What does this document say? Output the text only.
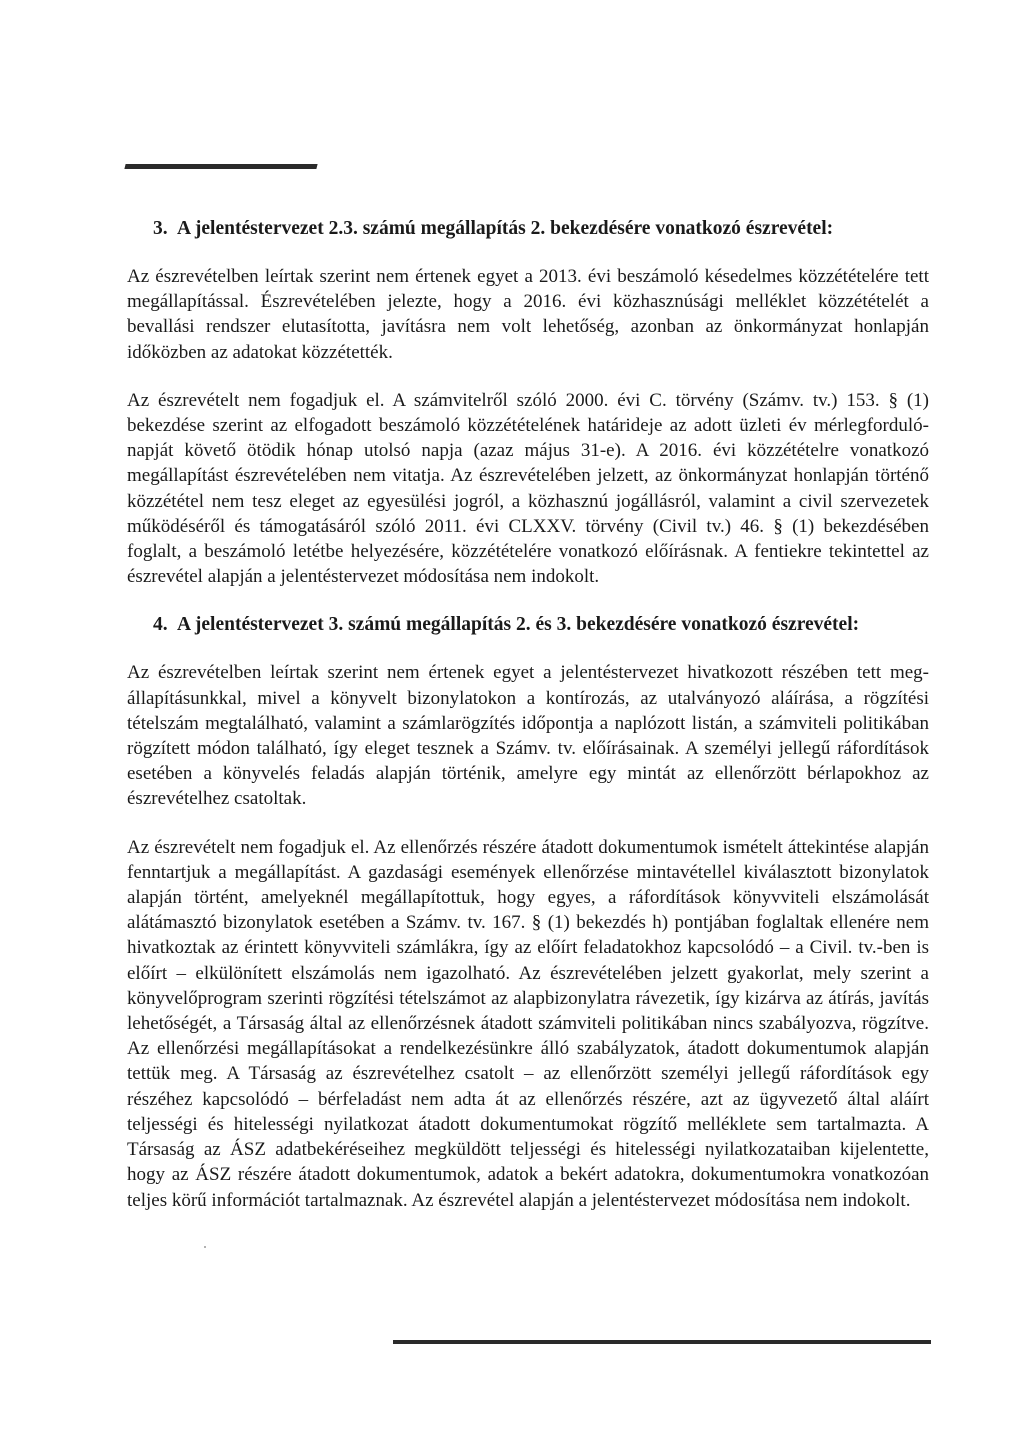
3. A jelentéstervezet 2.3. számú megállapítás 2. bekezdésére vonatkozó észrevétel:

Az észrevételben leírtak szerint nem értenek egyet a 2013. évi beszámoló késedelmes közzétételére tett megállapítással. Észrevételében jelezte, hogy a 2016. évi közhasznúsági melléklet közzétételét a bevallási rendszer elutasította, javításra nem volt lehetőség, azonban az önkormányzat honlapján időközben az adatokat közzétették.

Az észrevételt nem fogadjuk el. A számvitelről szóló 2000. évi C. törvény (Számv. tv.) 153. § (1) bekezdése szerint az elfogadott beszámoló közzétételének határideje az adott üzleti év mérlegforduló-napját követő ötödik hónap utolsó napja (azaz május 31-e). A 2016. évi közzétételre vonatkozó megállapítást észrevételében nem vitatja. Az észrevételében jelzett, az önkormányzat honlapján történő közzététel nem tesz eleget az egyesülési jogról, a közhasznú jogállásról, valamint a civil szervezetek működéséről és támogatásáról szóló 2011. évi CLXXV. törvény (Civil tv.) 46. § (1) bekezdésében foglalt, a beszámoló letétbe helyezésére, közzétételére vonatkozó előírásnak. A fentiekre tekintettel az észrevétel alapján a jelentéstervezet módosítása nem indokolt.

4. A jelentéstervezet 3. számú megállapítás 2. és 3. bekezdésére vonatkozó észrevétel:

Az észrevételben leírtak szerint nem értenek egyet a jelentéstervezet hivatkozott részében tett megállapításunkkal, mivel a könyvelt bizonylatokon a kontírozás, az utalványozó aláírása, a rögzítési tételszám megtalálható, valamint a számlarögzítés időpontja a naplózott listán, a számviteli politikában rögzített módon található, így eleget tesznek a Számv. tv. előírásainak. A személyi jellegű ráfordítások esetében a könyvelés feladás alapján történik, amelyre egy mintát az ellenőrzött bérlapokhoz az észrevételhez csatoltak.

Az észrevételt nem fogadjuk el. Az ellenőrzés részére átadott dokumentumok ismételt áttekintése alapján fenntartjuk a megállapítást. A gazdasági események ellenőrzése mintavétellel kiválasztott bizonylatok alapján történt, amelyeknél megállapítottuk, hogy egyes, a ráfordítások könyvviteli elszámolását alátámasztó bizonylatok esetében a Számv. tv. 167. § (1) bekezdés h) pontjában foglaltak ellenére nem hivatkoztak az érintett könyvviteli számlákra, így az előírt feladatokhoz kapcsolódó – a Civil. tv.-ben is előírt – elkülönített elszámolás nem igazolható. Az észrevételében jelzett gyakorlat, mely szerint a könyvelőprogram szerinti rögzítési tételszámot az alapbizonylatra rávezetik, így kizárva az átírás, javítás lehetőségét, a Társaság által az ellenőrzésnek átadott számviteli politikában nincs szabályozva, rögzítve. Az ellenőrzési megállapításokat a rendelkezésünkre álló szabályzatok, átadott dokumentumok alapján tettük meg. A Társaság az észrevételhez csatolt – az ellenőrzött személyi jellegű ráfordítások egy részéhez kapcsolódó – bérfeladást nem adta át az ellenőrzés részére, azt az ügyvezető által aláírt teljességi és hitelességi nyilatkozat átadott dokumentumokat rögzítő melléklete sem tartalmazta. A Társaság az ÁSZ adatbekéréseihez megküldött teljességi és hitelességi nyilatkozataiban kijelentette, hogy az ÁSZ részére átadott dokumentumok, adatok a bekért adatokra, dokumentumokra vonatkozóan teljes körű információt tartalmaznak. Az észrevétel alapján a jelentéstervezet módosítása nem indokolt.
